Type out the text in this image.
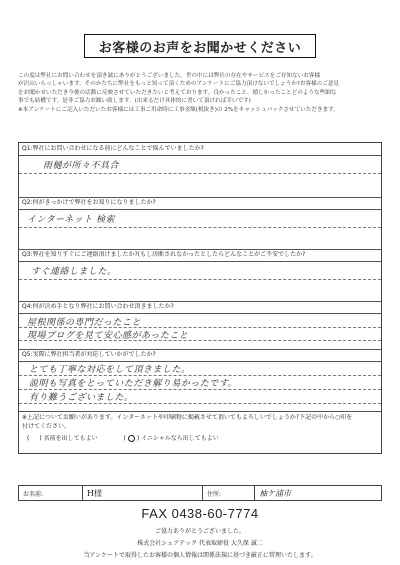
お客様のお声をお聞かせください

この度は弊社にお問い合わせを頂き誠にありがとうございました。世の中には弊社の存在やサービスをご存知ないお客様

が沢山いらっしゃいます。そのかたちに弊社をもっと知って頂くためのアンケートにご協力頂けないでしょうか?お客様のご意見

をお聞かせいただき今後の活動に反映させていただきたいと考えております。良かったこと、嬉しかったことどのような些細な

事でも結構です。是非ご協力お願い致します。(出来るだけ具体的に書いて頂ければ幸いです)

※本アンケートにご記入いただいたお客様には工事ご用命時に工事金額(税抜き)の 2%をキャッシュバックさせていただきます。

Q1:弊社にお問い合わせになる前にどんなことで悩んでいましたか?
雨樋が所々不具合
Q2:何がきっかけで弊社をお知りになりましたか?
インターネット 検索
Q3:弊社を知りすぐにご連絡頂けましたか?(もし決断されなかったとしたらどんなことがご不安でしたか?
すぐ連絡しました。
Q4:何が決め手となり弊社にお問い合わせ頂きましたか?
屋根関係の専門だったこと
現場ブログを見て安心感があったこと
Q5:実際に弊社担当者が対応していかがでしたか?
とても丁寧な対応をして頂きました。
説明も写真をとっていただき解り易かったです。
有り難うございました。
※上記についてお願いがあります。インターネットや印刷物に掲載させて頂いてもよろしいでしょうか?下記の中から○印を
付けてください。
( ) 名前を出してもよい	( ) イニシャルなら出してもよい
お名前:	H様	住所:	袖ケ浦市
FAX 0438-60-7774
ご協力ありがとうございました。
株式会社シェアテック 代表取締役 大久保 誠二
当アンケートで取得したお客様の個人情報は関係法規に基づき厳正に管理いたします。
